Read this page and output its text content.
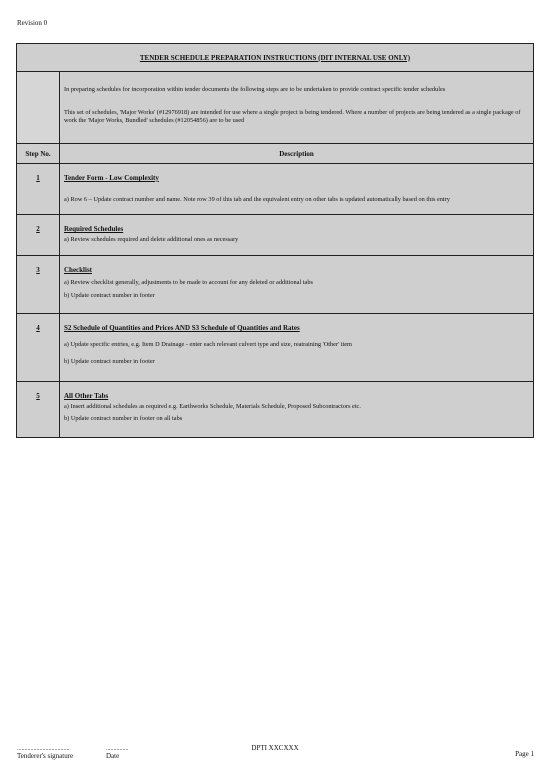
Revision 0
TENDER SCHEDULE PREPARATION INSTRUCTIONS (DIT INTERNAL USE ONLY)
In preparing schedules for incorporation within tender documents the following steps are to be undertaken to provide contract specific tender schedules
This set of schedules, 'Major Works' (#12976918) are intended for use where a single project is being tendered. Where a number of projects are being tendered as a single package of work the 'Major Works, Bundled' schedules (#12054856) are to be used
Step No.	Description
1	Tender Form - Low Complexity
a) Row 6 – Update contract number and name. Note row 39 of this tab and the equivalent entry on other tabs is updated automatically based on this entry
2	Required Schedules
a) Review schedules required and delete additional ones as necessary
3	Checklist
a) Review checklist generally, adjustments to be made to account for any deleted or additional tabs
b) Update contract number in footer
4	S2 Schedule of Quantities and Prices AND S3 Schedule of Quantities and Rates
a) Update specific entries, e.g. Item D Drainage - enter each relevant culvert type and size, reatraining 'Other' item
b) Update contract number in footer
5	All Other Tabs
a) Insert additional schedules as required e.g. Earthworks Schedule, Materials Schedule, Proposed Subcontractors etc.
b) Update contract number in footer on all tabs
...................................
Tenderer's signature
...............
Date
DPTI XXCXXX
Page 1
